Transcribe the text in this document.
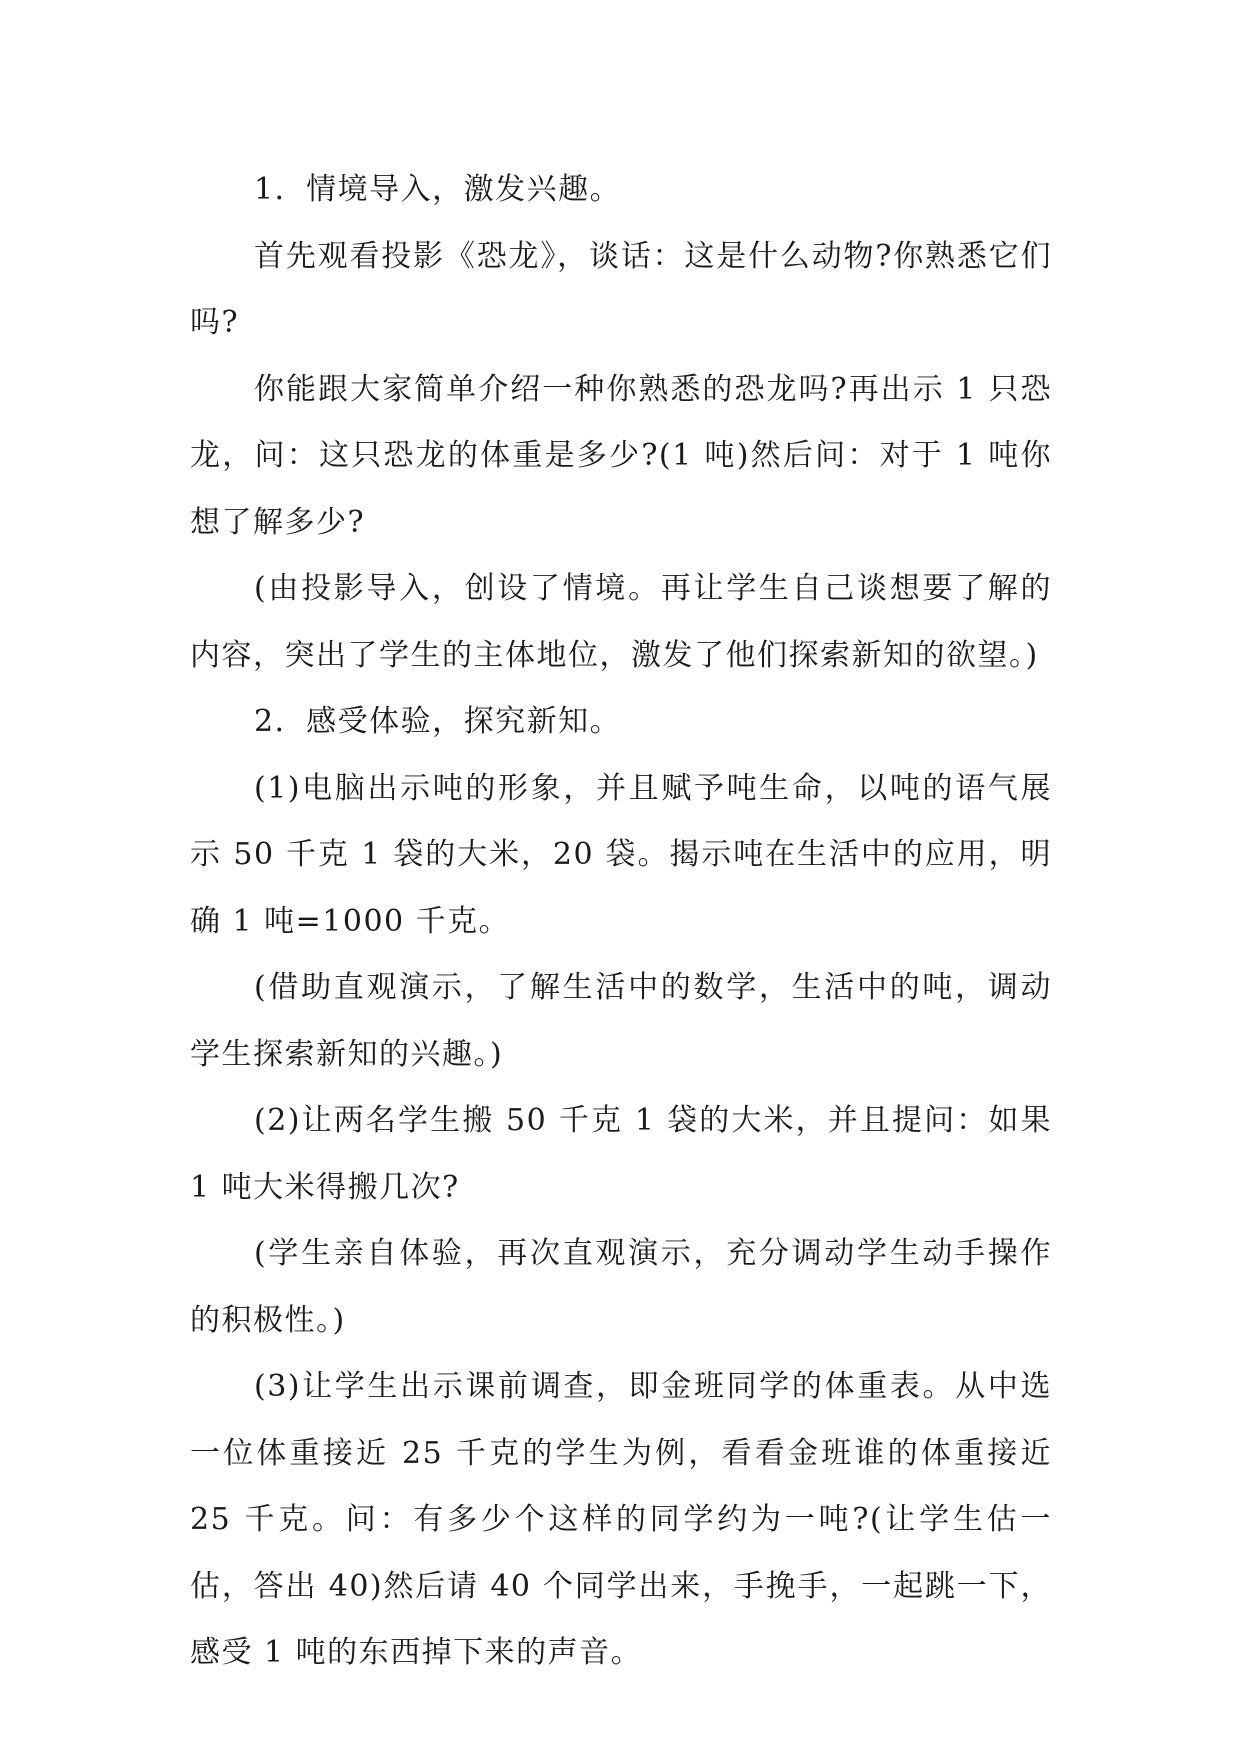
1．情境导入，激发兴趣。

首先观看投影《恐龙》，谈话：这是什么动物?你熟悉它们吗?

你能跟大家简单介绍一种你熟悉的恐龙吗?再出示 1 只恐龙，问：这只恐龙的体重是多少?(1 吨)然后问：对于 1 吨你想了解多少?

(由投影导入，创设了情境。再让学生自己谈想要了解的内容，突出了学生的主体地位，激发了他们探索新知的欲望。)

2．感受体验，探究新知。

(1)电脑出示吨的形象，并且赋予吨生命，以吨的语气展示 50 千克 1 袋的大米，20 袋。揭示吨在生活中的应用，明确 1 吨=1000 千克。

(借助直观演示，了解生活中的数学，生活中的吨，调动学生探索新知的兴趣。)

(2)让两名学生搬 50 千克 1 袋的大米，并且提问：如果 1 吨大米得搬几次?

(学生亲自体验，再次直观演示，充分调动学生动手操作的积极性。)

(3)让学生出示课前调查，即金班同学的体重表。从中选一位体重接近 25 千克的学生为例，看看金班谁的体重接近 25 千克。问：有多少个这样的同学约为一吨?(让学生估一估，答出 40)然后请 40 个同学出来，手挽手，一起跳一下，感受 1 吨的东西掉下来的声音。
